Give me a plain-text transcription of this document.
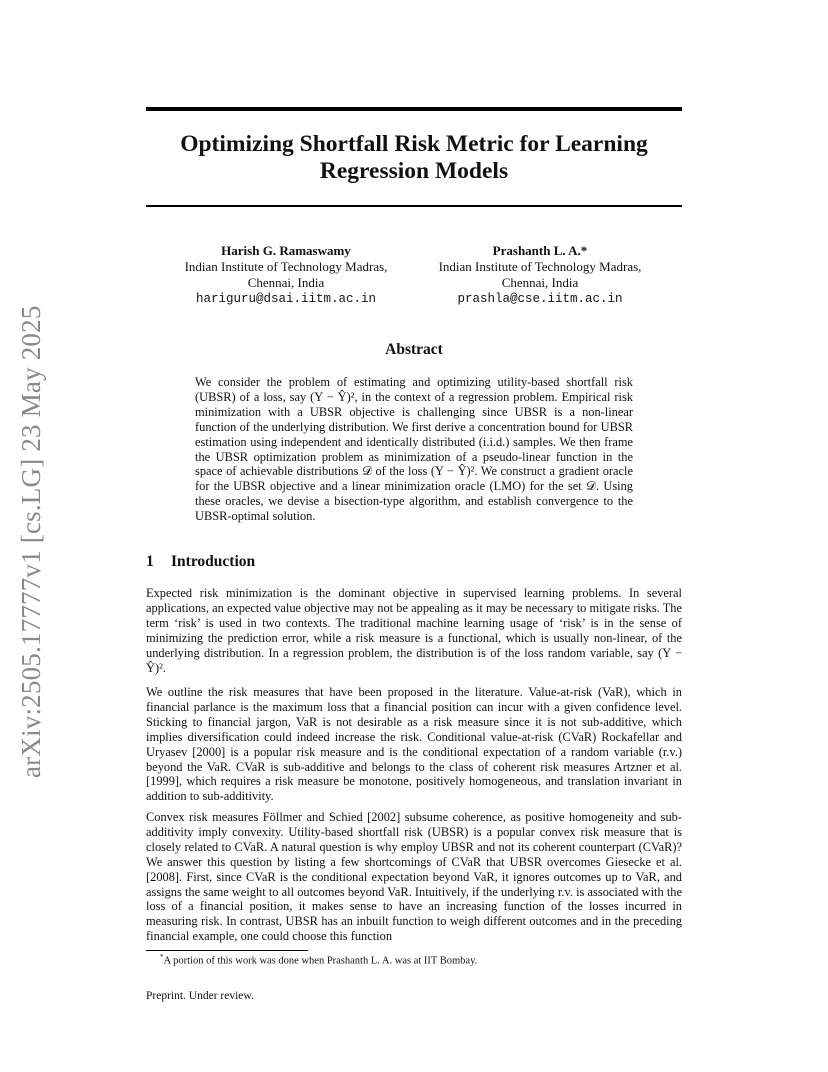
arXiv:2505.17777v1 [cs.LG] 23 May 2025
Optimizing Shortfall Risk Metric for Learning Regression Models
Harish G. Ramaswamy
Indian Institute of Technology Madras,
Chennai, India
hariguru@dsai.iitm.ac.in
Prashanth L. A.*
Indian Institute of Technology Madras,
Chennai, India
prashla@cse.iitm.ac.in
Abstract

We consider the problem of estimating and optimizing utility-based shortfall risk (UBSR) of a loss, say (Y − Ŷ)², in the context of a regression problem. Empirical risk minimization with a UBSR objective is challenging since UBSR is a non-linear function of the underlying distribution. We first derive a concentration bound for UBSR estimation using independent and identically distributed (i.i.d.) samples. We then frame the UBSR optimization problem as minimization of a pseudo-linear function in the space of achievable distributions 𝒟 of the loss (Y − Ŷ)². We construct a gradient oracle for the UBSR objective and a linear minimization oracle (LMO) for the set 𝒟. Using these oracles, we devise a bisection-type algorithm, and establish convergence to the UBSR-optimal solution.

1 Introduction

Expected risk minimization is the dominant objective in supervised learning problems. In several applications, an expected value objective may not be appealing as it may be necessary to mitigate risks. The term ‘risk’ is used in two contexts. The traditional machine learning usage of ‘risk’ is in the sense of minimizing the prediction error, while a risk measure is a functional, which is usually non-linear, of the underlying distribution. In a regression problem, the distribution is of the loss random variable, say (Y − Ŷ)².

We outline the risk measures that have been proposed in the literature. Value-at-risk (VaR), which in financial parlance is the maximum loss that a financial position can incur with a given confidence level. Sticking to financial jargon, VaR is not desirable as a risk measure since it is not sub-additive, which implies diversification could indeed increase the risk. Conditional value-at-risk (CVaR) Rockafellar and Uryasev [2000] is a popular risk measure and is the conditional expectation of a random variable (r.v.) beyond the VaR. CVaR is sub-additive and belongs to the class of coherent risk measures Artzner et al. [1999], which requires a risk measure be monotone, positively homogeneous, and translation invariant in addition to sub-additivity.

Convex risk measures Föllmer and Schied [2002] subsume coherence, as positive homogeneity and sub-additivity imply convexity. Utility-based shortfall risk (UBSR) is a popular convex risk measure that is closely related to CVaR. A natural question is why employ UBSR and not its coherent counterpart (CVaR)? We answer this question by listing a few shortcomings of CVaR that UBSR overcomes Giesecke et al. [2008]. First, since CVaR is the conditional expectation beyond VaR, it ignores outcomes up to VaR, and assigns the same weight to all outcomes beyond VaR. Intuitively, if the underlying r.v. is associated with the loss of a financial position, it makes sense to have an increasing function of the losses incurred in measuring risk. In contrast, UBSR has an inbuilt function to weigh different outcomes and in the preceding financial example, one could choose this function

*A portion of this work was done when Prashanth L. A. was at IIT Bombay.
Preprint. Under review.
